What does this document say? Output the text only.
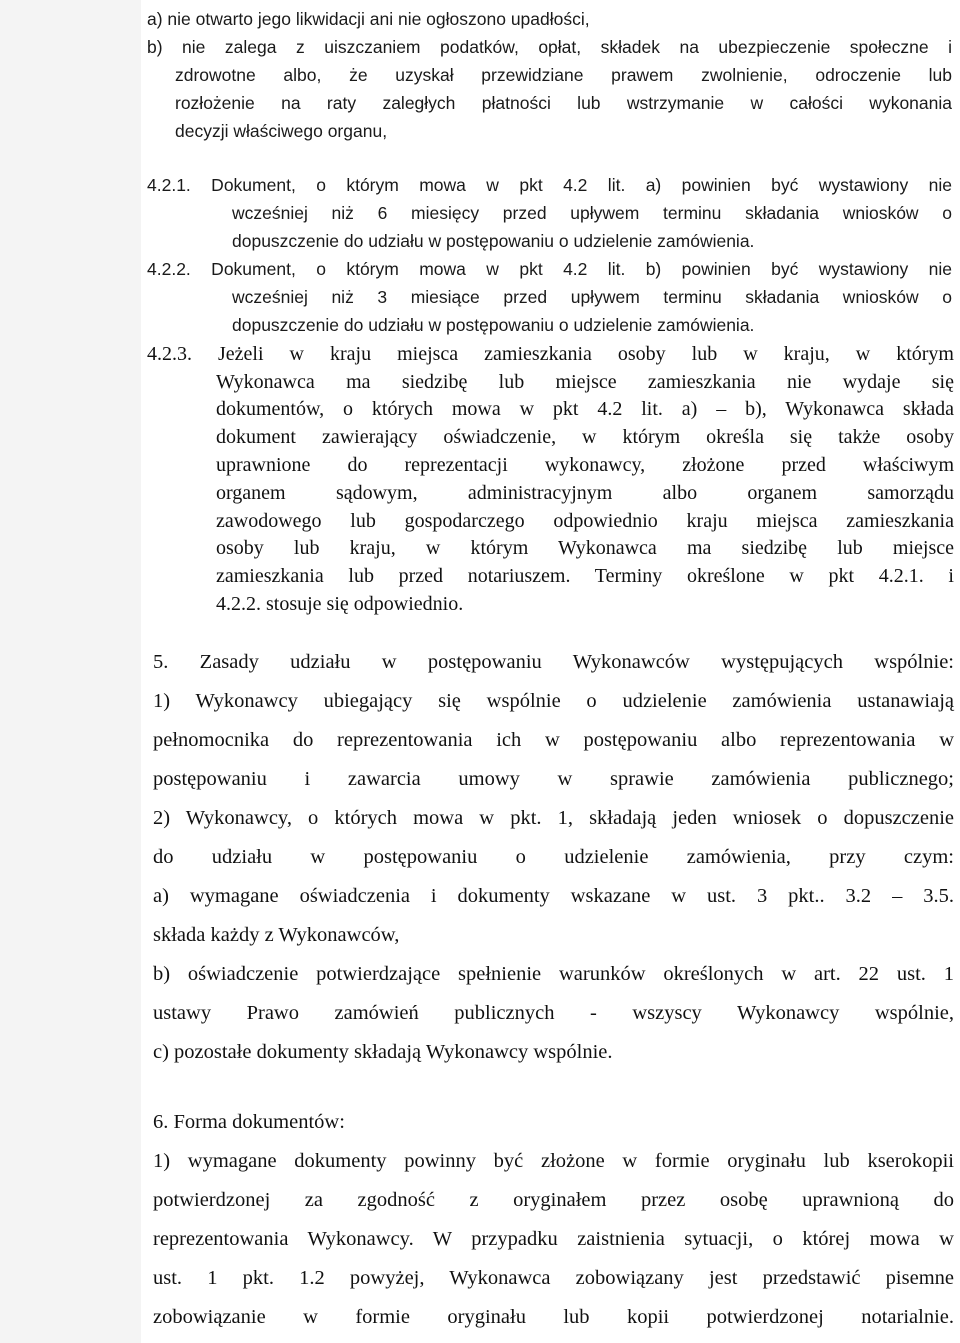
a) nie otwarto jego likwidacji ani nie ogłoszono upadłości,

b) nie zalega z uiszczaniem podatków, opłat, składek na ubezpieczenie społeczne i

zdrowotne albo, że uzyskał przewidziane prawem zwolnienie, odroczenie lub

rozłożenie na raty zaległych płatności lub wstrzymanie w całości wykonania

decyzji właściwego organu,

4.2.1. Dokument, o którym mowa w pkt 4.2 lit. a) powinien być wystawiony nie

wcześniej niż 6 miesięcy przed upływem terminu składania wniosków o

dopuszczenie do udziału w postępowaniu o udzielenie zamówienia.

4.2.2. Dokument, o którym mowa w pkt 4.2 lit. b) powinien być wystawiony nie

wcześniej niż 3 miesiące przed upływem terminu składania wniosków o

dopuszczenie do udziału w postępowaniu o udzielenie zamówienia.

4.2.3. Jeżeli w kraju miejsca zamieszkania osoby lub w kraju, w którym

Wykonawca ma siedzibę lub miejsce zamieszkania nie wydaje się

dokumentów, o których mowa w pkt 4.2 lit. a) – b), Wykonawca składa

dokument zawierający oświadczenie, w którym określa się także osoby

uprawnione do reprezentacji wykonawcy, złożone przed właściwym

organem sądowym, administracyjnym albo organem samorządu

zawodowego lub gospodarczego odpowiednio kraju miejsca zamieszkania

osoby lub kraju, w którym Wykonawca ma siedzibę lub miejsce

zamieszkania lub przed notariuszem. Terminy określone w pkt 4.2.1. i

4.2.2. stosuje się odpowiednio.

5. Zasady udziału w postępowaniu Wykonawców występujących wspólnie:

1) Wykonawcy ubiegający się wspólnie o udzielenie zamówienia ustanawiają

pełnomocnika do reprezentowania ich w postępowaniu albo reprezentowania w

postępowaniu i zawarcia umowy w sprawie zamówienia publicznego;

2) Wykonawcy, o których mowa w pkt. 1, składają jeden wniosek o dopuszczenie

do udziału w postępowaniu o udzielenie zamówienia, przy czym:

a) wymagane oświadczenia i dokumenty wskazane w ust. 3 pkt.. 3.2 – 3.5.

składa każdy z Wykonawców,

b) oświadczenie potwierdzające spełnienie warunków określonych w art. 22 ust. 1

ustawy Prawo zamówień publicznych - wszyscy Wykonawcy wspólnie,

c) pozostałe dokumenty składają Wykonawcy wspólnie.

6. Forma dokumentów:

1) wymagane dokumenty powinny być złożone w formie oryginału lub kserokopii

potwierdzonej za zgodność z oryginałem przez osobę uprawnioną do

reprezentowania Wykonawcy. W przypadku zaistnienia sytuacji, o której mowa w

ust. 1 pkt. 1.2 powyżej, Wykonawca zobowiązany jest przedstawić pisemne

zobowiązanie w formie oryginału lub kopii potwierdzonej notarialnie.
